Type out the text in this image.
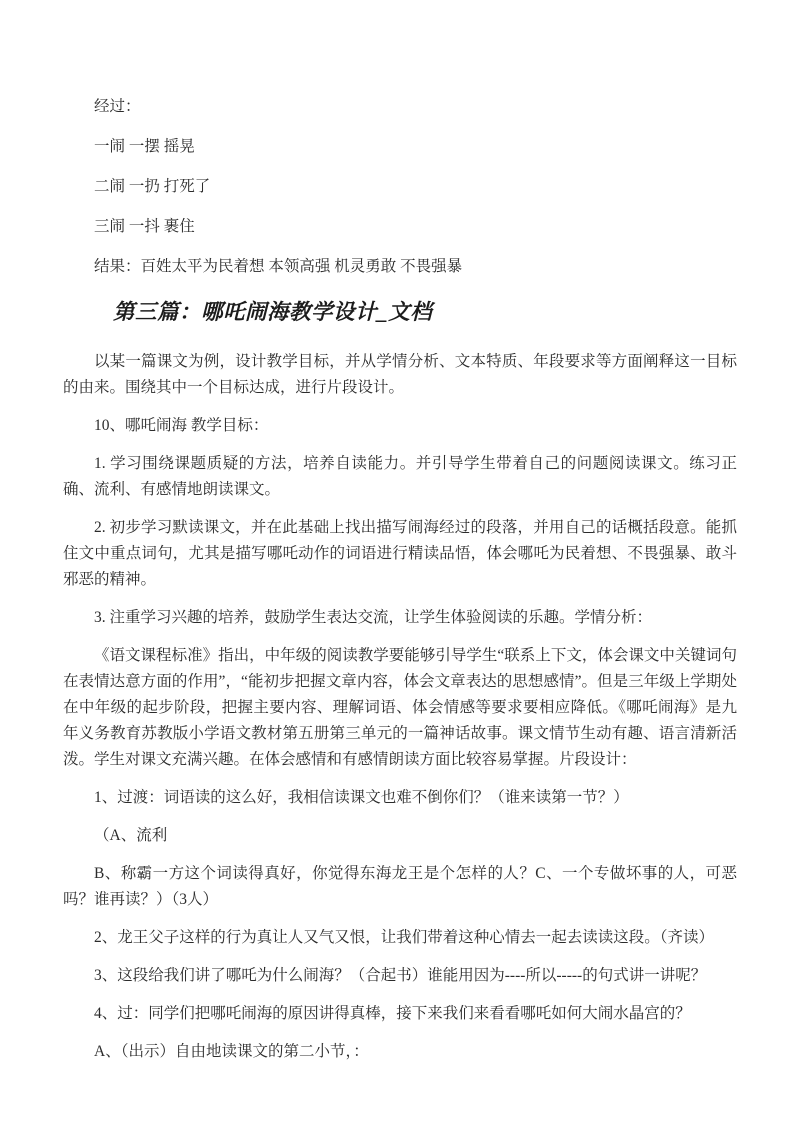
经过：

一闹 一摆 摇晃

二闹 一扔 打死了

三闹 一抖 裹住

结果：百姓太平为民着想 本领高强 机灵勇敢 不畏强暴

第三篇：哪吒闹海教学设计_文档

以某一篇课文为例，设计教学目标，并从学情分析、文本特质、年段要求等方面阐释这一目标的由来。围绕其中一个目标达成，进行片段设计。

10、哪吒闹海 教学目标：

1. 学习围绕课题质疑的方法，培养自读能力。并引导学生带着自己的问题阅读课文。练习正确、流利、有感情地朗读课文。

2. 初步学习默读课文，并在此基础上找出描写闹海经过的段落，并用自己的话概括段意。能抓住文中重点词句，尤其是描写哪吒动作的词语进行精读品悟，体会哪吒为民着想、不畏强暴、敢斗邪恶的精神。

3. 注重学习兴趣的培养，鼓励学生表达交流，让学生体验阅读的乐趣。学情分析：

《语文课程标准》指出，中年级的阅读教学要能够引导学生“联系上下文，体会课文中关键词句在表情达意方面的作用”，“能初步把握文章内容，体会文章表达的思想感情”。但是三年级上学期处在中年级的起步阶段，把握主要内容、理解词语、体会情感等要求要相应降低。《哪吒闹海》是九年义务教育苏教版小学语文教材第五册第三单元的一篇神话故事。课文情节生动有趣、语言清新活泼。学生对课文充满兴趣。在体会感情和有感情朗读方面比较容易掌握。片段设计：

1、过渡：词语读的这么好，我相信读课文也难不倒你们？（谁来读第一节？）

（A、流利

B、称霸一方这个词读得真好，你觉得东海龙王是个怎样的人？C、一个专做坏事的人，可恶吗？谁再读？）（3人）

2、龙王父子这样的行为真让人又气又恨，让我们带着这种心情去一起去读读这段。（齐读）

3、这段给我们讲了哪吒为什么闹海？（合起书）谁能用因为----所以-----的句式讲一讲呢？

4、过：同学们把哪吒闹海的原因讲得真棒，接下来我们来看看哪吒如何大闹水晶宫的？

A、（出示）自由地读课文的第二小节，：
